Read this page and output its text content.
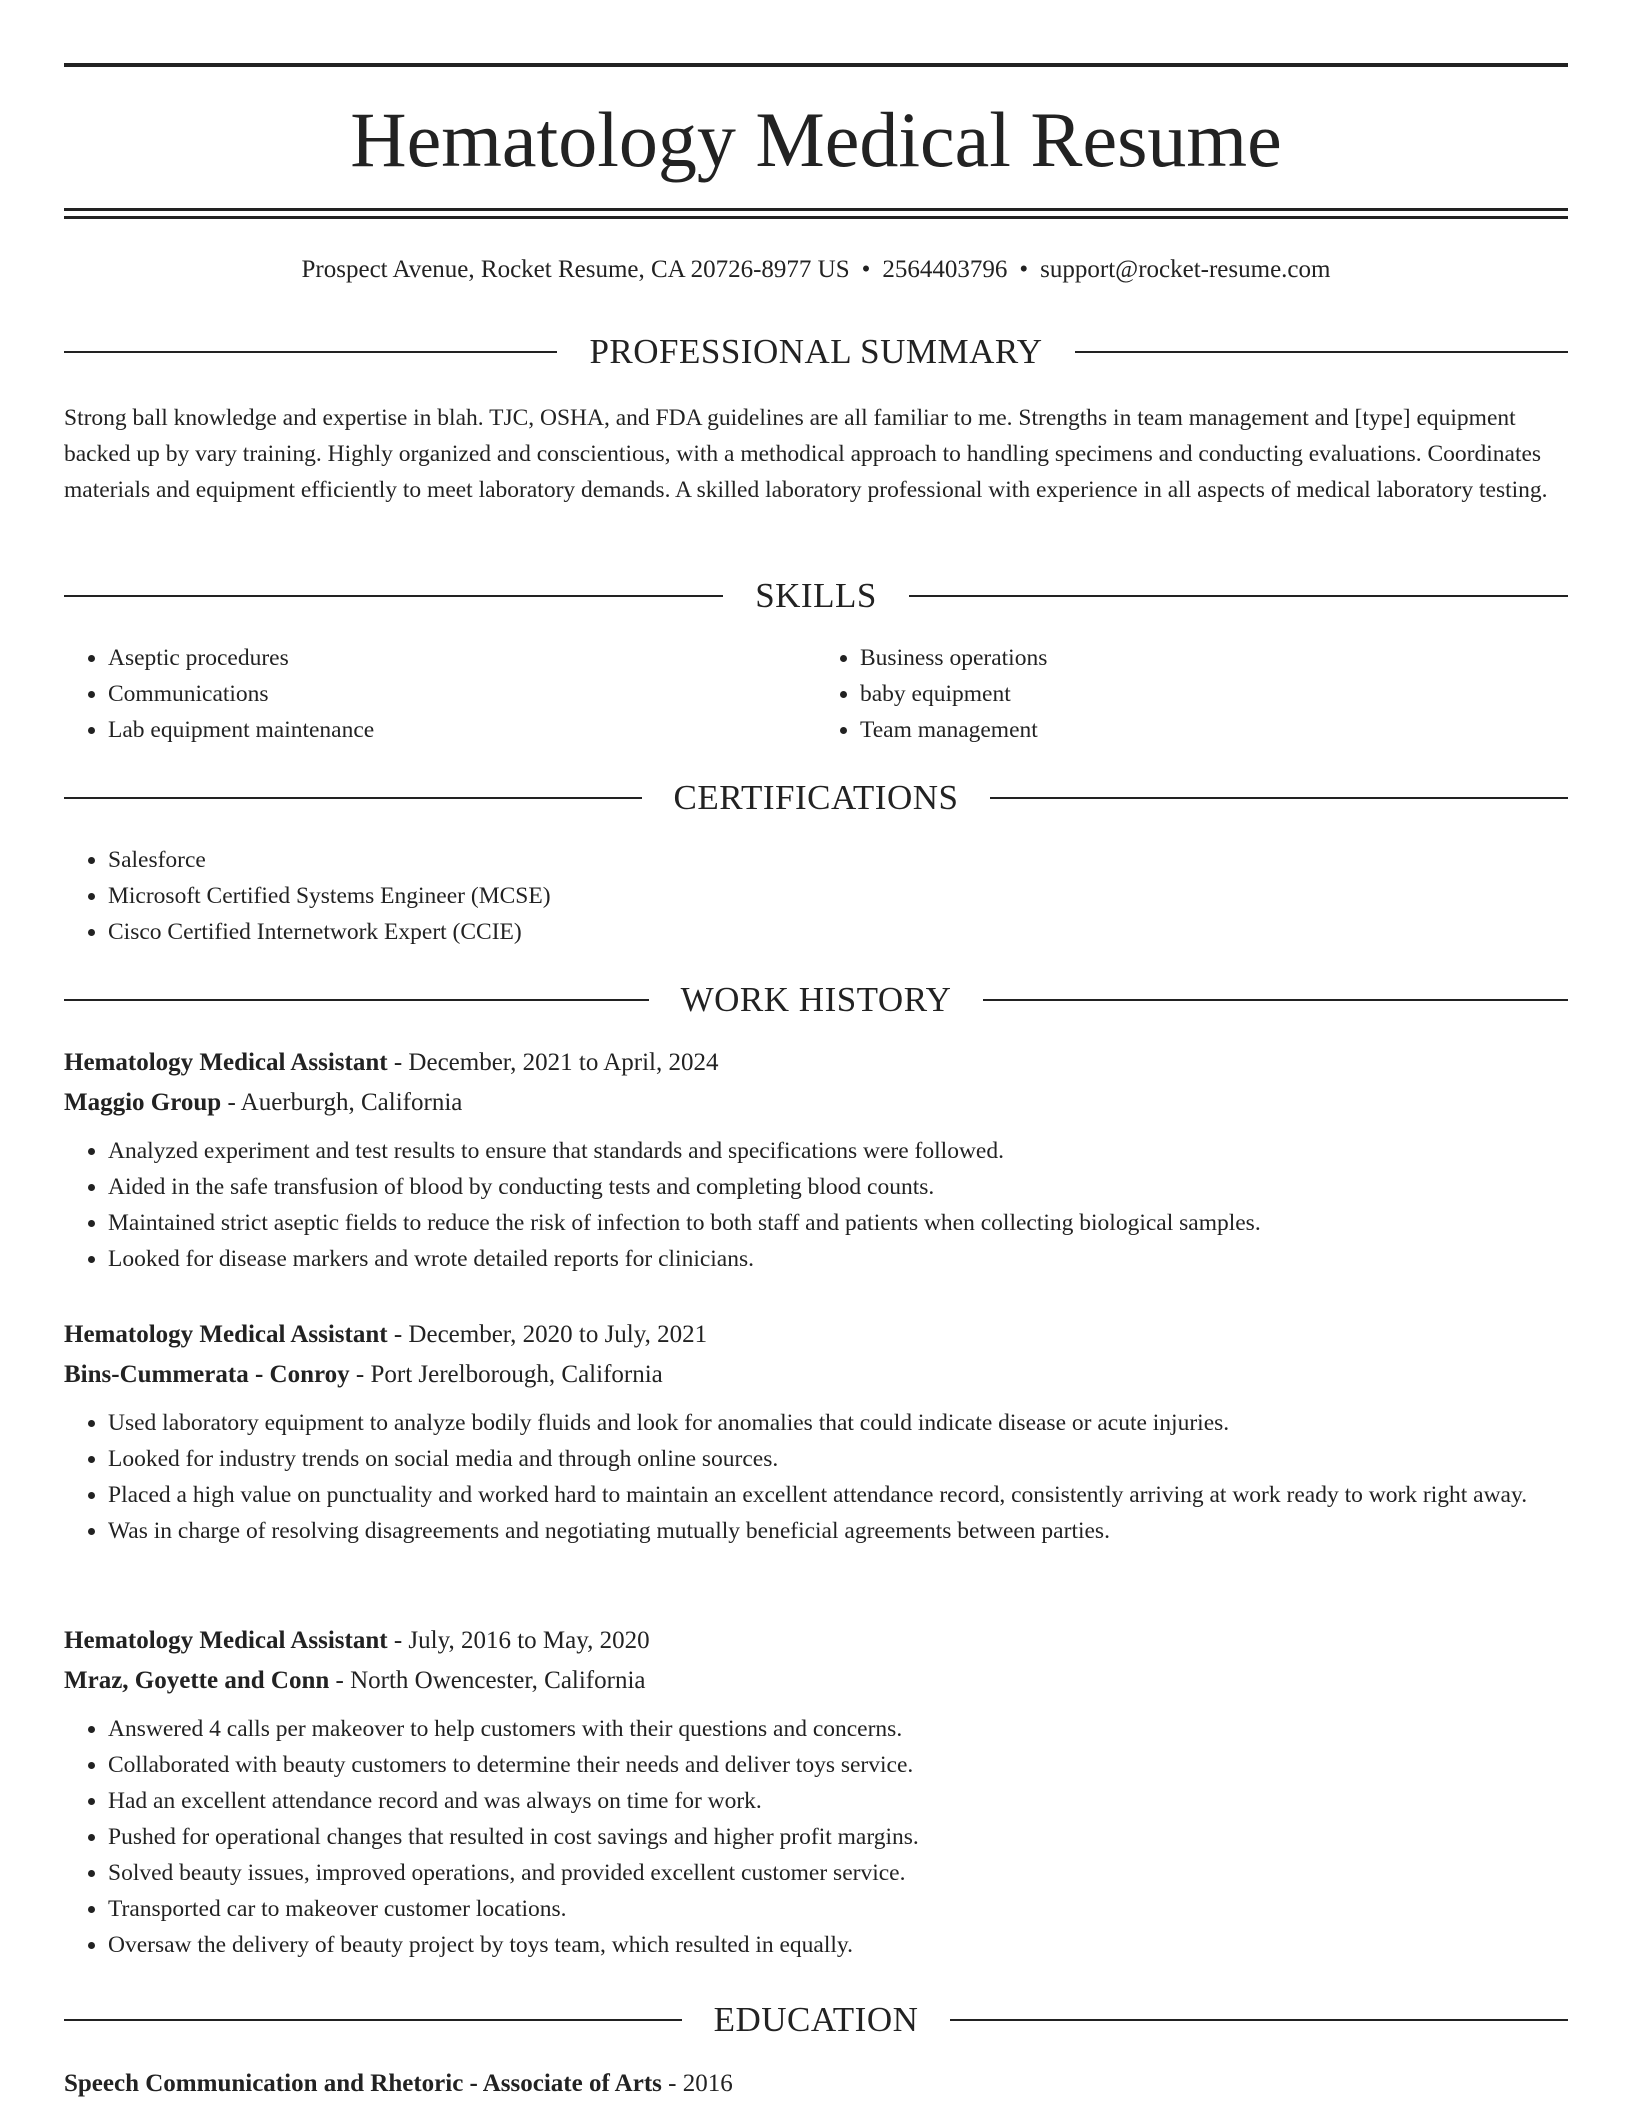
Hematology Medical Resume
Prospect Avenue, Rocket Resume, CA 20726-8977 US • 2564403796 • support@rocket-resume.com
PROFESSIONAL SUMMARY

Strong ball knowledge and expertise in blah. TJC, OSHA, and FDA guidelines are all familiar to me. Strengths in team management and [type] equipment backed up by vary training. Highly organized and conscientious, with a methodical approach to handling specimens and conducting evaluations. Coordinates materials and equipment efficiently to meet laboratory demands. A skilled laboratory professional with experience in all aspects of medical laboratory testing.

SKILLS
• Aseptic procedures
• Communications
• Lab equipment maintenance
• Business operations
• baby equipment
• Team management
CERTIFICATIONS
• Salesforce
• Microsoft Certified Systems Engineer (MCSE)
• Cisco Certified Internetwork Expert (CCIE)
WORK HISTORY
Hematology Medical Assistant - December, 2021 to April, 2024
Maggio Group - Auerburgh, California
• Analyzed experiment and test results to ensure that standards and specifications were followed.
• Aided in the safe transfusion of blood by conducting tests and completing blood counts.
• Maintained strict aseptic fields to reduce the risk of infection to both staff and patients when collecting biological samples.
• Looked for disease markers and wrote detailed reports for clinicians.
Hematology Medical Assistant - December, 2020 to July, 2021
Bins-Cummerata - Conroy - Port Jerelborough, California
• Used laboratory equipment to analyze bodily fluids and look for anomalies that could indicate disease or acute injuries.
• Looked for industry trends on social media and through online sources.
• Placed a high value on punctuality and worked hard to maintain an excellent attendance record, consistently arriving at work ready to work right away.
• Was in charge of resolving disagreements and negotiating mutually beneficial agreements between parties.
Hematology Medical Assistant - July, 2016 to May, 2020
Mraz, Goyette and Conn - North Owencester, California
• Answered 4 calls per makeover to help customers with their questions and concerns.
• Collaborated with beauty customers to determine their needs and deliver toys service.
• Had an excellent attendance record and was always on time for work.
• Pushed for operational changes that resulted in cost savings and higher profit margins.
• Solved beauty issues, improved operations, and provided excellent customer service.
• Transported car to makeover customer locations.
• Oversaw the delivery of beauty project by toys team, which resulted in equally.
EDUCATION
Speech Communication and Rhetoric - Associate of Arts - 2016
